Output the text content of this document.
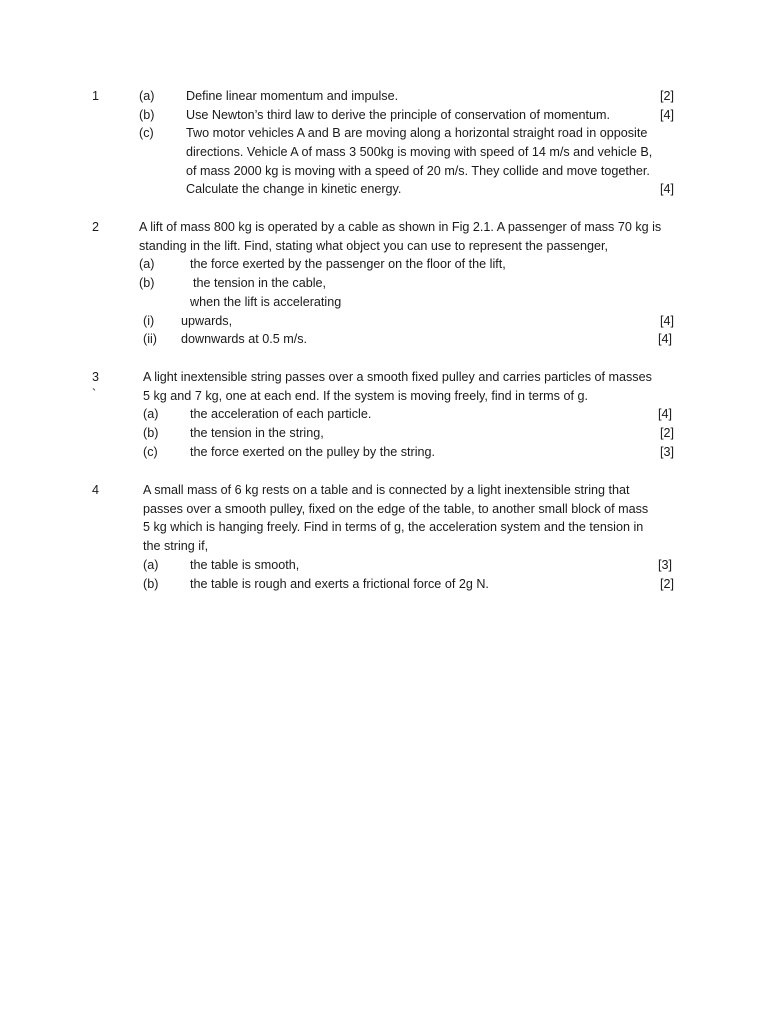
1	(a)	Define linear momentum and impulse.	[2]
(b)	Use Newton’s third law to derive the principle of conservation of momentum.	[4]
(c)	Two motor vehicles A and B are moving along a horizontal straight road in opposite
directions. Vehicle A of mass 3 500kg is moving with speed of 14 m/s and vehicle B,
of mass 2000 kg is moving with a speed of 20 m/s. They collide and move together.
Calculate the change in kinetic energy.	[4]
2	A lift of mass 800 kg is operated by a cable as shown in Fig 2.1. A passenger of mass 70 kg is
standing in the lift. Find, stating what object you can use to represent the passenger,
(a)	the force exerted by the passenger on the floor of the lift,
(b)	the tension in the cable,
when the lift is accelerating
(i) upwards,	[4]
(ii) downwards at 0.5 m/s.	[4]
3
`
A light inextensible string passes over a smooth fixed pulley and carries particles of masses
5 kg and 7 kg, one at each end. If the system is moving freely, find in terms of g.
(a)	the acceleration of each particle.	[4]
(b)	the tension in the string,	[2]
(c)	the force exerted on the pulley by the string.	[3]
4	A small mass of 6 kg rests on a table and is connected by a light inextensible string that
passes over a smooth pulley, fixed on the edge of the table, to another small block of mass
5 kg which is hanging freely. Find in terms of g, the acceleration system and the tension in
the string if,
(a)	the table is smooth,	[3]
(b)	the table is rough and exerts a frictional force of 2g N.	[2]
